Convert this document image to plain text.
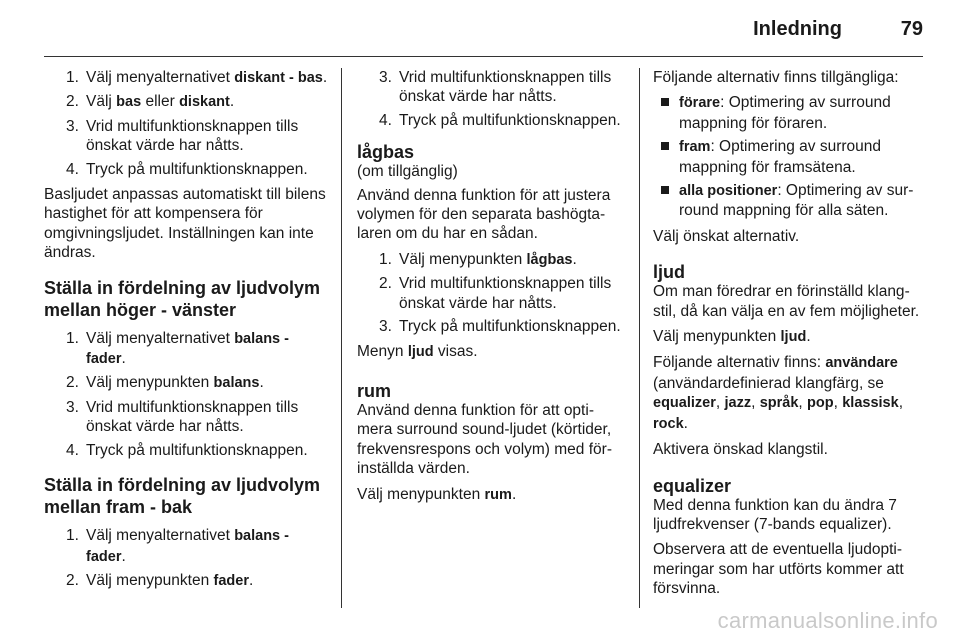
Inledning	79
1. Välj menyalternativet diskant - bas.
2. Välj bas eller diskant.
3. Vrid multifunktionsknappen tills önskat värde har nåtts.
4. Tryck på multifunktionsknappen.

Basljudet anpassas automatiskt till bilens hastighet för att kompensera för omgivningsljudet. Inställningen kan inte ändras.

Ställa in fördelning av ljudvolym mellan höger - vänster
1. Välj menyalternativet balans - fader.
2. Välj menypunkten balans.
3. Vrid multifunktionsknappen tills önskat värde har nåtts.
4. Tryck på multifunktionsknappen.
Ställa in fördelning av ljudvolym mellan fram - bak
1. Välj menyalternativet balans - fader.
2. Välj menypunkten fader.
3. Vrid multifunktionsknappen tills önskat värde har nåtts.
4. Tryck på multifunktionsknappen.
lågbas

(om tillgänglig)

Använd denna funktion för att justera volymen för den separata bashögtalaren om du har en sådan.

1. Välj menypunkten lågbas.
2. Vrid multifunktionsknappen tills önskat värde har nåtts.
3. Tryck på multifunktionsknappen.

Menyn ljud visas.

rum

Använd denna funktion för att optimera surround sound-ljudet (körtider, frekvensrespons och volym) med förinställda värden.

Välj menypunkten rum.

Följande alternativ finns tillgängliga:

förare: Optimering av surround mappning för föraren.
fram: Optimering av surround mappning för framsätena.
alla positioner: Optimering av surround mappning för alla säten.

Välj önskat alternativ.

ljud

Om man föredrar en förinställd klangstil, då kan välja en av fem möjligheter.

Välj menypunkten ljud.

Följande alternativ finns: användare (användardefinierad klangfärg, se equalizer, jazz, språk, pop, klassisk, rock.

Aktivera önskad klangstil.

equalizer

Med denna funktion kan du ändra 7 ljudfrekvenser (7-bands equalizer).

Observera att de eventuella ljudoptimeringar som har utförts kommer att försvinna.

carmanualsonline.info
